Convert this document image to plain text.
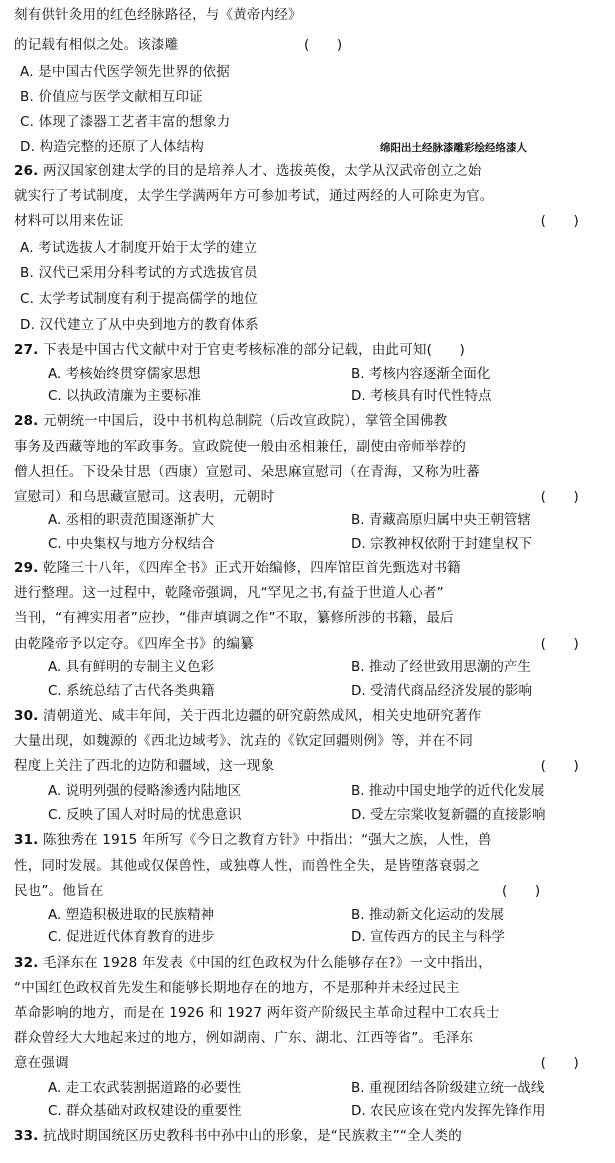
刻有供针灸用的红色经脉路径，与《黄帝内经》
的记载有相似之处。该漆雕	(　　)
A. 是中国古代医学领先世界的依据
B. 价值应与医学文献相互印证
C. 体现了漆器工艺者丰富的想象力
D. 构造完整的还原了人体结构	绵阳出土经脉漆雕彩绘经络漆人
26. 两汉国家创建太学的目的是培养人才、选拔英俊，太学从汉武帝创立之始
就实行了考试制度，太学生学满两年方可参加考试，通过两经的人可除吏为官。
材料可以用来佐证	(　　)
A. 考试选拔人才制度开始于太学的建立
B. 汉代已采用分科考试的方式选拔官员
C. 太学考试制度有利于提高儒学的地位
D. 汉代建立了从中央到地方的教育体系
27. 下表是中国古代文献中对于官吏考核标准的部分记载，由此可知(　　)
A. 考核始终贯穿儒家思想	B. 考核内容逐渐全面化
C. 以执政清廉为主要标准	D. 考核具有时代性特点
28. 元朝统一中国后，设中书机构总制院（后改宣政院），掌管全国佛教
事务及西藏等地的军政事务。宣政院使一般由丞相兼任，副使由帝师举荐的
僧人担任。下设朵甘思（西康）宣慰司、朵思麻宣慰司（在青海，又称为吐蕃
宣慰司）和乌思藏宣慰司。这表明，元朝时	(　　)
A. 丞相的职责范围逐渐扩大	B. 青藏高原归属中央王朝管辖
C. 中央集权与地方分权结合	D. 宗教神权依附于封建皇权下
29. 乾隆三十八年，《四库全书》正式开始编修，四库馆臣首先甄选对书籍
进行整理。这一过程中，乾隆帝强调，凡“罕见之书,有益于世道人心者”
当刊，“有裨实用者”应抄，“俳声填调之作”不取，纂修所涉的书籍，最后
由乾隆帝予以定夺。《四库全书》的编纂	(　　)
A. 具有鲜明的专制主义色彩	B. 推动了经世致用思潮的产生
C. 系统总结了古代各类典籍	D. 受清代商品经济发展的影响
30. 清朝道光、咸丰年间，关于西北边疆的研究蔚然成风，相关史地研究著作
大量出现，如魏源的《西北边域考》、沈垚的《钦定回疆则例》等，并在不同
程度上关注了西北的边防和疆域，这一现象	(　　)
A. 说明列强的侵略渗透内陆地区	B. 推动中国史地学的近代化发展
C. 反映了国人对时局的忧患意识	D. 受左宗棠收复新疆的直接影响
31. 陈独秀在 1915 年所写《今日之教育方针》中指出：“强大之族，人性，兽
性，同时发展。其他或仅保兽性，或独尊人性，而兽性全失，是皆堕落衰弱之
民也”。他旨在	(　　)
A. 塑造积极进取的民族精神	B. 推动新文化运动的发展
C. 促进近代体育教育的进步	D. 宣传西方的民主与科学
32. 毛泽东在 1928 年发表《中国的红色政权为什么能够存在?》一文中指出，
“中国红色政权首先发生和能够长期地存在的地方，不是那种并未经过民主
革命影响的地方，而是在 1926 和 1927 两年资产阶级民主革命过程中工农兵士
群众曾经大大地起来过的地方，例如湖南、广东、湖北、江西等省”。毛泽东
意在强调	(　　)
A. 走工农武装割据道路的必要性	B. 重视团结各阶级建立统一战线
C. 群众基础对政权建设的重要性	D. 农民应该在党内发挥先锋作用
33. 抗战时期国统区历史教科书中孙中山的形象，是“民族救主”“全人类的
